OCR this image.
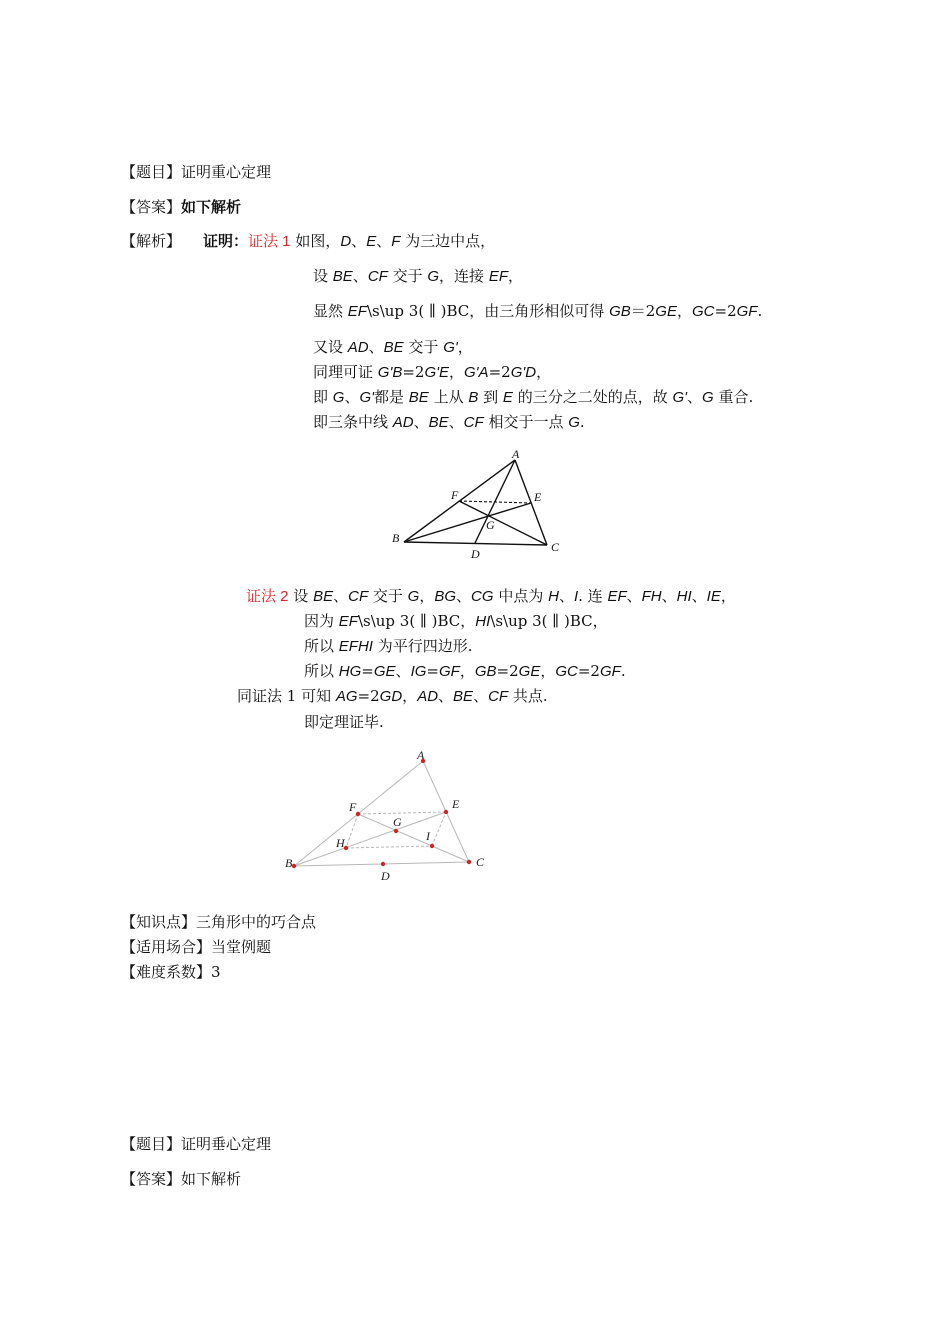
【题目】证明重心定理
【答案】如下解析
【解析】 证明：证法 1 如图，D、E、F 为三边中点，
设 BE、CF 交于 G，连接 EF，
显然 EF\s\up 3( ∥ )BC，由三角形相似可得 GB＝2GE，GC=2GF.
又设 AD、BE 交于 G'，
同理可证 G'B=2G'E，G'A=2G'D，
即 G、G'都是 BE 上从 B 到 E 的三分之二处的点，故 G'、G 重合.
即三条中线 AD、BE、CF 相交于一点 G.
A
B
C
D
E
F
G
证法 2 设 BE、CF 交于 G，BG、CG 中点为 H、I. 连 EF、FH、HI、IE，
因为 EF\s\up 3( ∥ )BC，HI\s\up 3( ∥ )BC，
所以 EFHI 为平行四边形.
所以 HG=GE、IG=GF，GB=2GE，GC=2GF.
同证法 1 可知 AG=2GD，AD、BE、CF 共点.
即定理证毕.
A
B	C
D
E
F
G
H	I
【知识点】三角形中的巧合点
【适用场合】当堂例题
【难度系数】3
【题目】证明垂心定理
【答案】如下解析
